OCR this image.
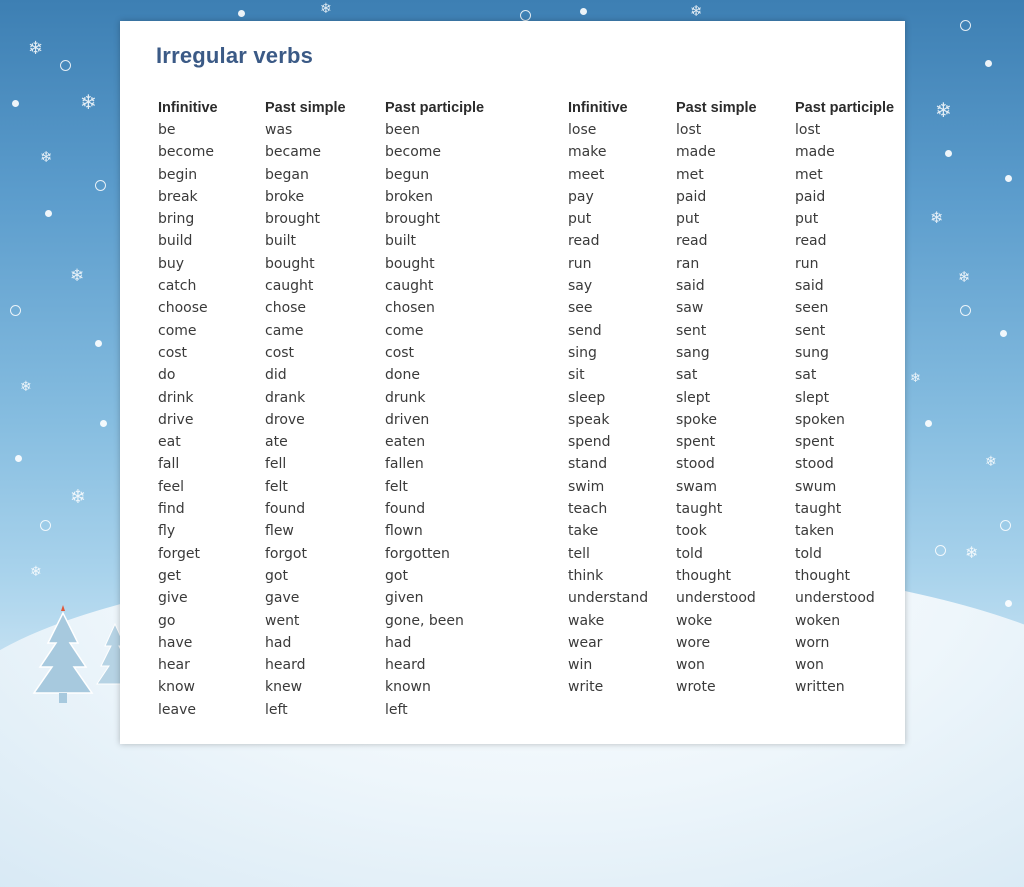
❄
❄
❄
❄
❄
❄
❄
❄	❄
❄
❄
❄
❄
❄
❄
Irregular verbs
Infinitive
be
become
begin
break
bring
build
buy
catch
choose
come
cost
do
drink
drive
eat
fall
feel
find
fly
forget
get
give
go
have
hear
know
leave
Past simple
was
became
began
broke
brought
built
bought
caught
chose
came
cost
did
drank
drove
ate
fell
felt
found
flew
forgot
got
gave
went
had
heard
knew
left
Past participle
been
become
begun
broken
brought
built
bought
caught
chosen
come
cost
done
drunk
driven
eaten
fallen
felt
found
flown
forgotten
got
given
gone, been
had
heard
known
left
Infinitive
lose
make
meet
pay
put
read
run
say
see
send
sing
sit
sleep
speak
spend
stand
swim
teach
take
tell
think
understand
wake
wear
win
write
Past simple
lost
made
met
paid
put
read
ran
said
saw
sent
sang
sat
slept
spoke
spent
stood
swam
taught
took
told
thought
understood
woke
wore
won
wrote
Past participle
lost
made
met
paid
put
read
run
said
seen
sent
sung
sat
slept
spoken
spent
stood
swum
taught
taken
told
thought
understood
woken
worn
won
written
